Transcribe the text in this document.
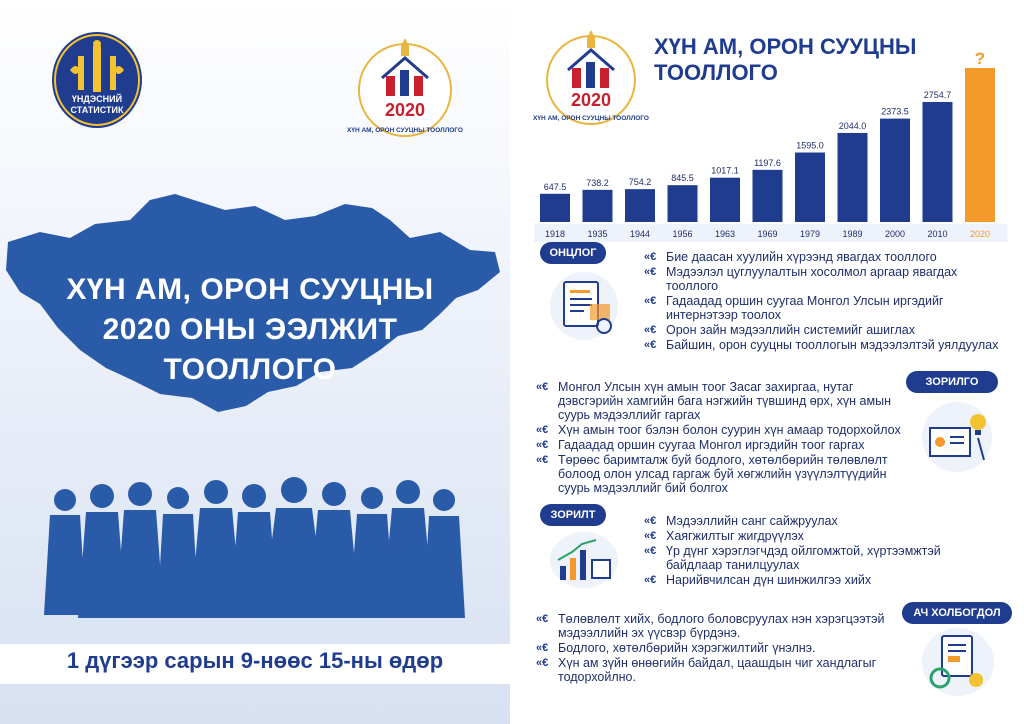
ҮНДЭСНИЙ
СТАТИСТИК	2020
ХҮН АМ, ОРОН СУУЦНЫ ТООЛЛОГО
ХҮН АМ, ОРОН СУУЦНЫ
2020 ОНЫ ЭЭЛЖИТ
ТООЛЛОГО
1 дүгээр сарын 9-нөөс 15-ны өдөр
2020
ХҮН АМ, ОРОН СУУЦНЫ ТООЛЛОГО
ХҮН АМ, ОРОН СУУЦНЫ
ТООЛЛОГО
647.5
1918
738.2
1935
754.2
1944
845.5
1956
1017.1
1963
1197.6
1969
1595.0
1979
2044.0
1989
2373.5
2000
2754.7
2010
?
2020
ОНЦЛОГ	«€ Бие даасан хуулийн хүрээнд явагдах тооллого
«€ Мэдээлэл цуглуулалтын хосолмол аргаар явагдах тооллого
«€ Гадаадад оршин суугаа Монгол Улсын иргэдийг интернэтээр тоолох
«€ Орон зайн мэдээллийн системийг ашиглах
«€ Байшин, орон сууцны тооллогын мэдээлэлтэй уялдуулах
ЗОРИЛГО
«€ Монгол Улсын хүн амын тоог Засаг захиргаа, нутаг дэвсгэрийн хамгийн бага нэгжийн түвшинд өрх, хүн амын суурь мэдээллийг гаргах
«€ Хүн амын тоог бэлэн болон суурин хүн амаар тодорхойлох
«€ Гадаадад оршин суугаа Монгол иргэдийн тоог гаргах
«€ Төрөөс баримталж буй бодлого, хөтөлбөрийн төлөвлөлт болоод олон улсад гаргаж буй хөгжлийн үзүүлэлтүүдийн суурь мэдээллийг бий болгох
ЗОРИЛТ	«€ Мэдээллийн санг сайжруулах
«€ Хаягжилтыг жигдрүүлэх
«€ Үр дүнг хэрэглэгчдэд ойлгомжтой, хүртээмжтэй байдлаар танилцуулах
«€ Нарийвчилсан дүн шинжилгээ хийх
АЧ ХОЛБОГДОЛ
«€ Төлөвлөлт хийх, бодлого боловсруулах нэн хэрэгцээтэй мэдээллийн эх үүсвэр бүрдэнэ.
«€ Бодлого, хөтөлбөрийн хэрэгжилтийг үнэлнэ.
«€ Хүн ам зүйн өнөөгийн байдал, цаашдын чиг хандлагыг тодорхойлно.
